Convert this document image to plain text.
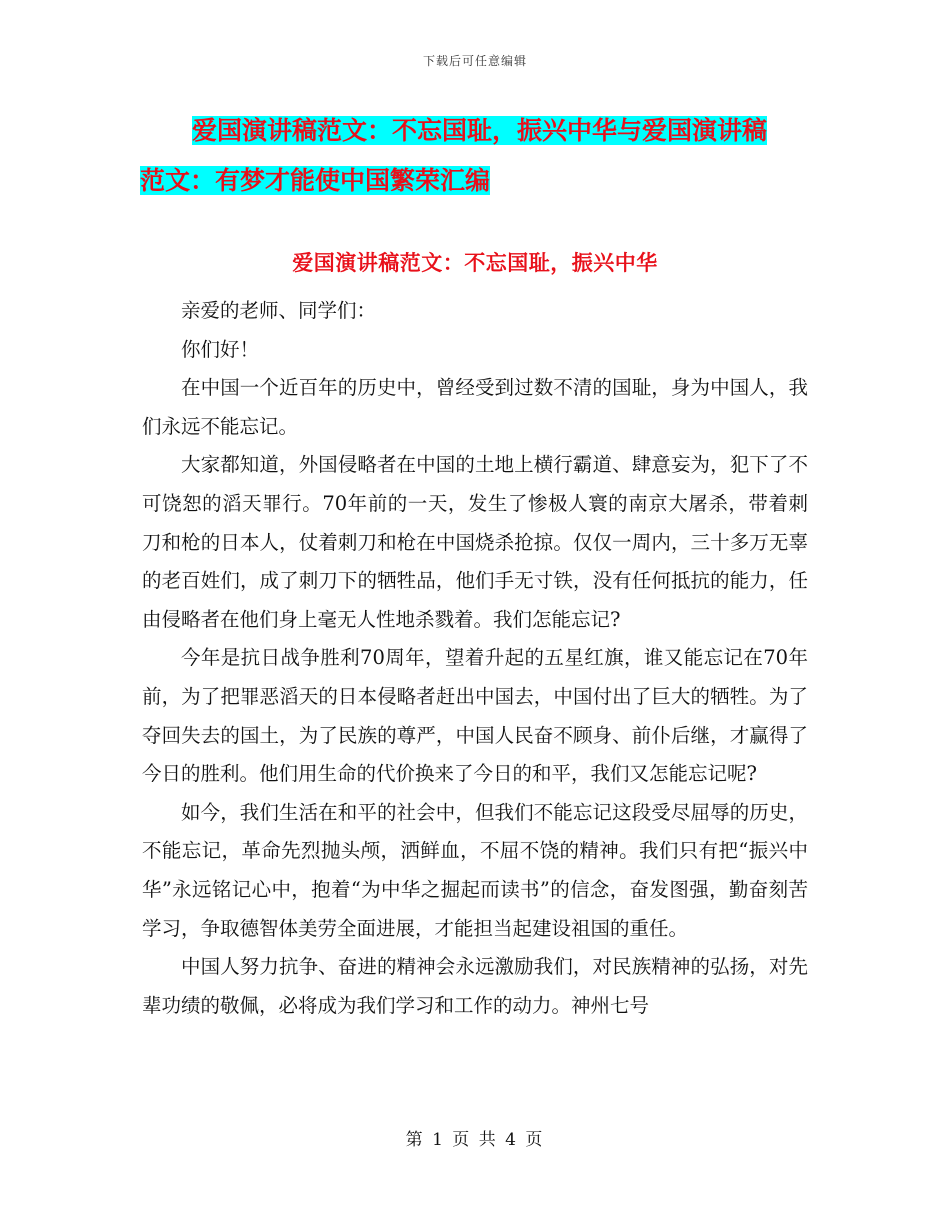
下载后可任意编辑
爱国演讲稿范文：不忘国耻，振兴中华与爱国演讲稿
范文：有梦才能使中国繁荣汇编
爱国演讲稿范文：不忘国耻，振兴中华

亲爱的老师、同学们：

你们好！

在中国一个近百年的历史中，曾经受到过数不清的国耻，身为中国人，我们永远不能忘记。

大家都知道，外国侵略者在中国的土地上横行霸道、肆意妄为，犯下了不可饶恕的滔天罪行。70年前的一天，发生了惨极人寰的南京大屠杀，带着刺刀和枪的日本人，仗着刺刀和枪在中国烧杀抢掠。仅仅一周内，三十多万无辜的老百姓们，成了刺刀下的牺牲品，他们手无寸铁，没有任何抵抗的能力，任由侵略者在他们身上毫无人性地杀戮着。我们怎能忘记?

今年是抗日战争胜利70周年，望着升起的五星红旗，谁又能忘记在70年前，为了把罪恶滔天的日本侵略者赶出中国去，中国付出了巨大的牺牲。为了夺回失去的国土，为了民族的尊严，中国人民奋不顾身、前仆后继，才赢得了今日的胜利。他们用生命的代价换来了今日的和平，我们又怎能忘记呢?

如今，我们生活在和平的社会中，但我们不能忘记这段受尽屈辱的历史，不能忘记，革命先烈抛头颅，洒鲜血，不屈不饶的精神。我们只有把“振兴中华”永远铭记心中，抱着“为中华之掘起而读书”的信念，奋发图强，勤奋刻苦学习，争取德智体美劳全面进展，才能担当起建设祖国的重任。

中国人努力抗争、奋进的精神会永远激励我们，对民族精神的弘扬，对先辈功绩的敬佩，必将成为我们学习和工作的动力。神州七号

第 1 页 共 4 页
